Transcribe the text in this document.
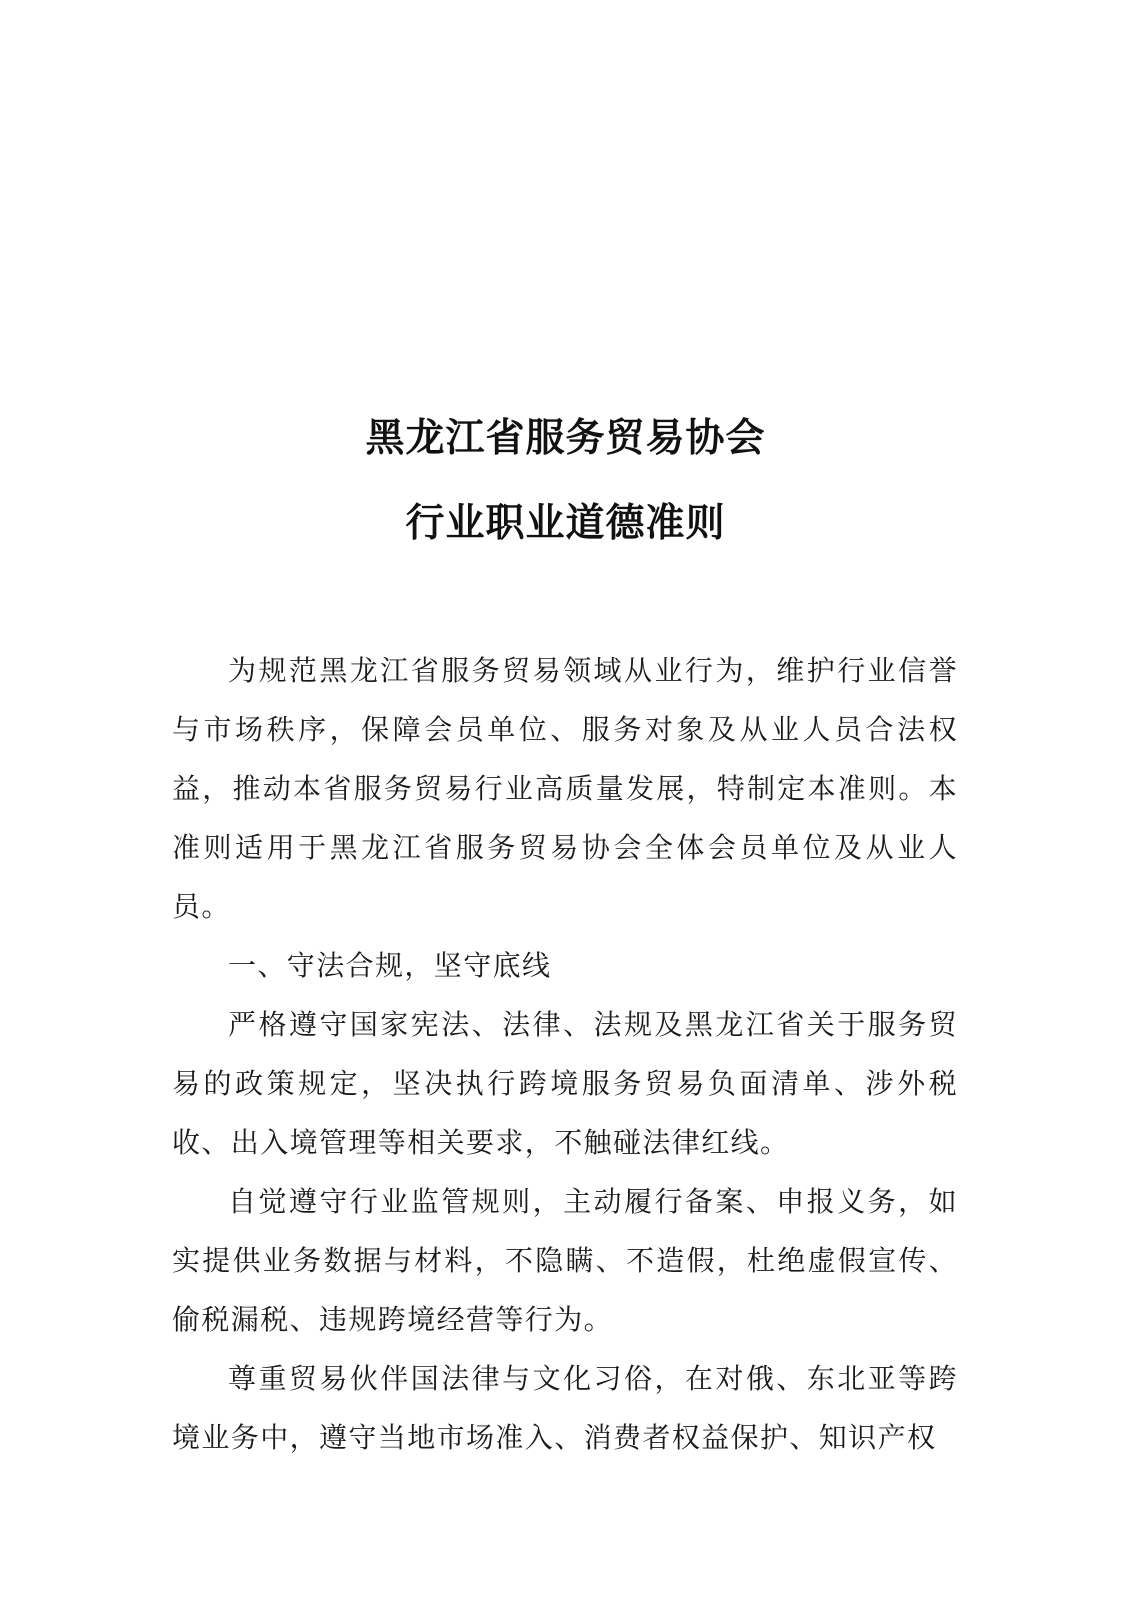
黑龙江省服务贸易协会
行业职业道德准则

为规范黑龙江省服务贸易领域从业行为，维护行业信誉与市场秩序，保障会员单位、服务对象及从业人员合法权益，推动本省服务贸易行业高质量发展，特制定本准则。本准则适用于黑龙江省服务贸易协会全体会员单位及从业人员。

一、守法合规，坚守底线

严格遵守国家宪法、法律、法规及黑龙江省关于服务贸易的政策规定，坚决执行跨境服务贸易负面清单、涉外税收、出入境管理等相关要求，不触碰法律红线。

自觉遵守行业监管规则，主动履行备案、申报义务，如实提供业务数据与材料，不隐瞒、不造假，杜绝虚假宣传、偷税漏税、违规跨境经营等行为。

尊重贸易伙伴国法律与文化习俗，在对俄、东北亚等跨境业务中，遵守当地市场准入、消费者权益保护、知识产权
